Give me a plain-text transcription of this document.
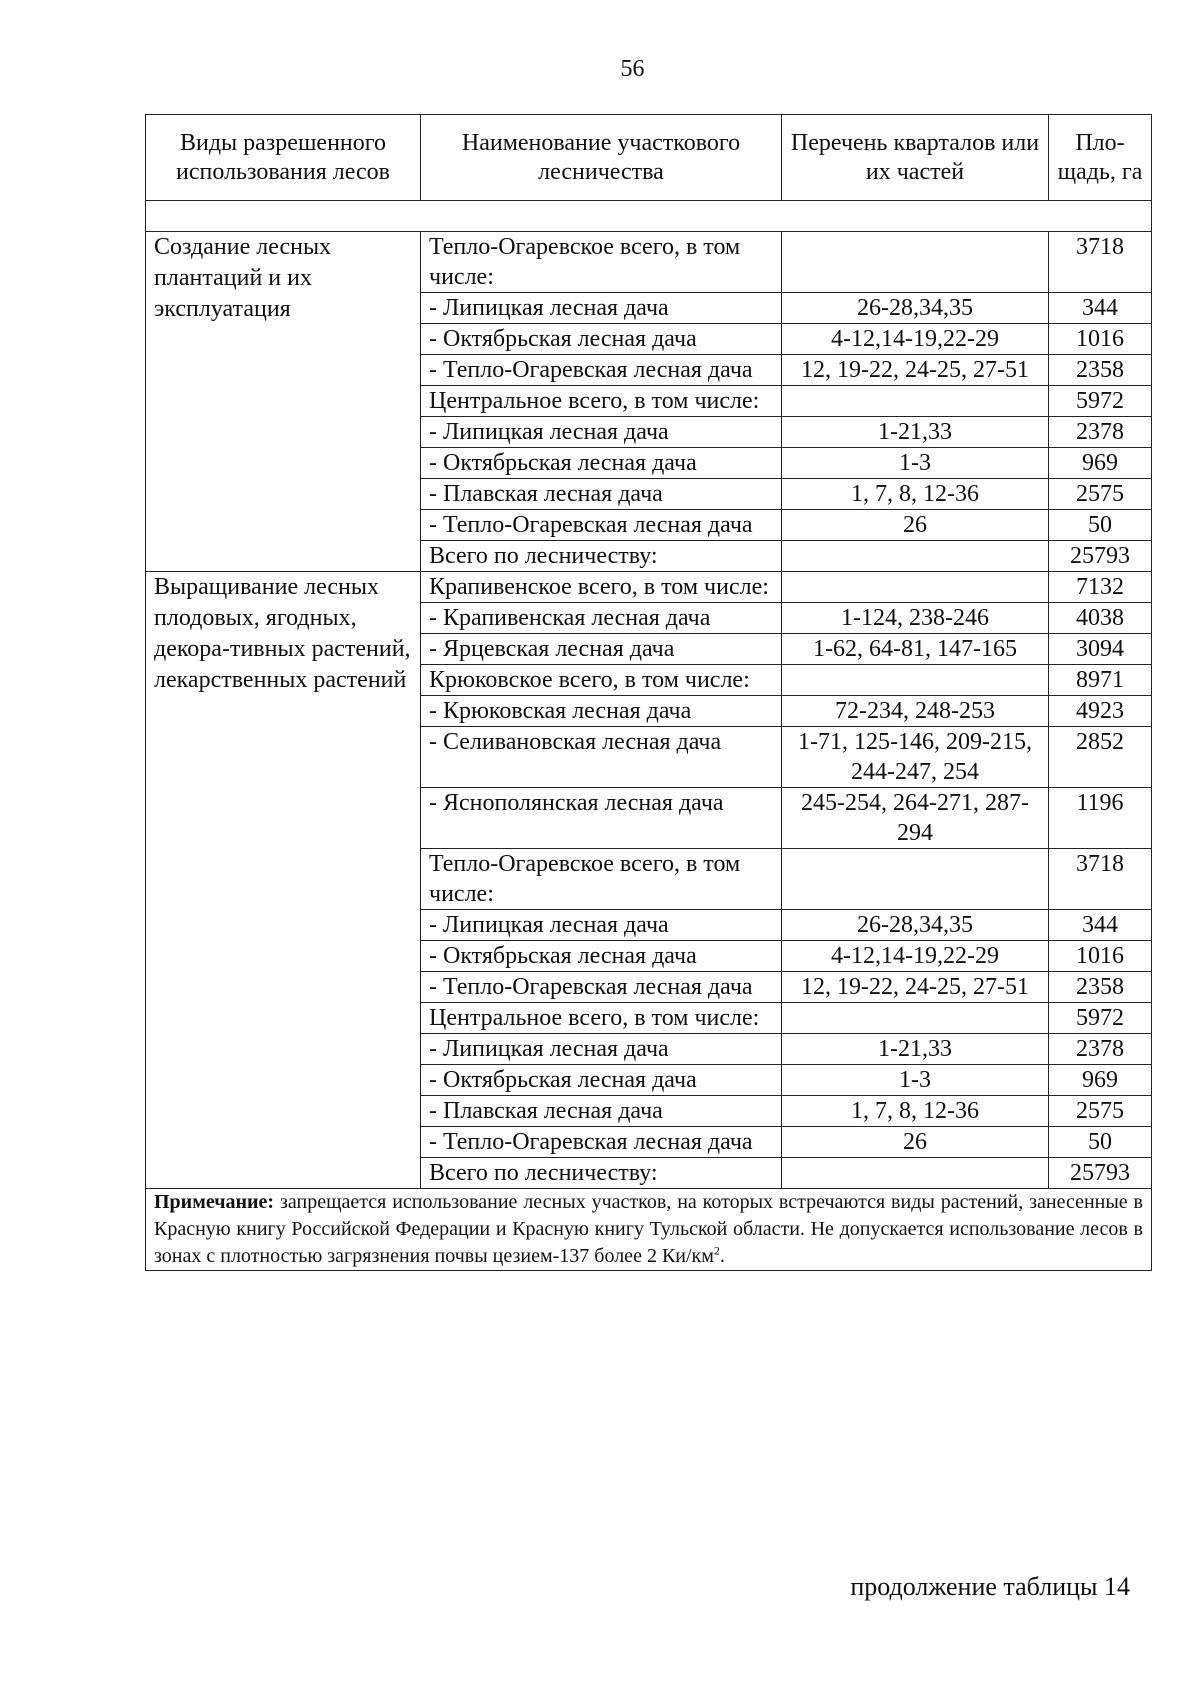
56
Виды разрешенного использования лесов	Наименование участкового лесничества	Перечень кварталов или их частей	Пло-щадь, га

Создание лесных плантаций и их эксплуатация	Тепло-Огаревское всего, в том числе:		3718
	- Липицкая лесная дача	26-28,34,35	344
	- Октябрьская лесная дача	4-12,14-19,22-29	1016
	- Тепло-Огаревская лесная дача	12, 19-22, 24-25, 27-51	2358
	Центральное всего, в том числе:		5972
	- Липицкая лесная дача	1-21,33	2378
	- Октябрьская лесная дача	1-3	969
	- Плавская лесная дача	1, 7, 8, 12-36	2575
	- Тепло-Огаревская лесная дача	26	50
	Всего по лесничеству:		25793
Выращивание лесных плодовых, ягодных, декора-тивных растений, лекарственных растений	Крапивенское всего, в том числе:		7132
	- Крапивенская лесная дача	1-124, 238-246	4038
	- Ярцевская лесная дача	1-62, 64-81, 147-165	3094
	Крюковское всего, в том числе:		8971
	- Крюковская лесная дача	72-234, 248-253	4923
	- Селивановская лесная дача	1-71, 125-146, 209-215, 244-247, 254	2852
	- Яснополянская лесная дача	245-254, 264-271, 287-294	1196
	Тепло-Огаревское всего, в том числе:		3718
	- Липицкая лесная дача	26-28,34,35	344
	- Октябрьская лесная дача	4-12,14-19,22-29	1016
	- Тепло-Огаревская лесная дача	12, 19-22, 24-25, 27-51	2358
	Центральное всего, в том числе:		5972
	- Липицкая лесная дача	1-21,33	2378
	- Октябрьская лесная дача	1-3	969
	- Плавская лесная дача	1, 7, 8, 12-36	2575
	- Тепло-Огаревская лесная дача	26	50
	Всего по лесничеству:		25793
Примечание: запрещается использование лесных участков, на которых встречаются виды растений, занесенные в Красную книгу Российской Федерации и Красную книгу Тульской области. Не допускается использование лесов в зонах с плотностью загрязнения почвы цезием-137 более 2 $Ки/км^2$.			
продолжение таблицы 14
